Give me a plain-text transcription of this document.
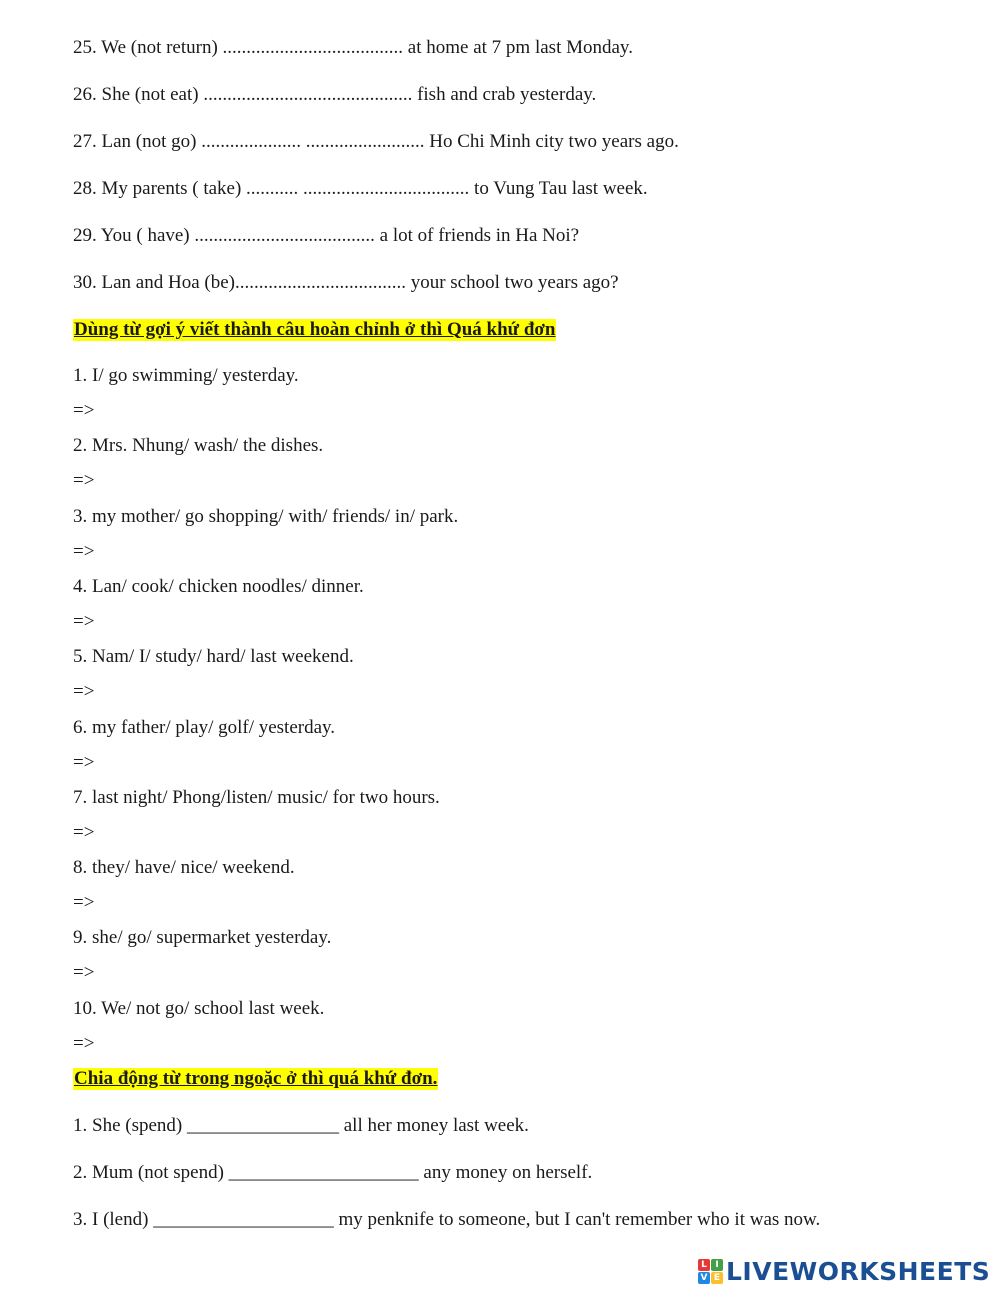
25. We (not return) ...................................... at home at 7 pm last Monday.
26. She (not eat) ............................................ fish and crab yesterday.
27. Lan (not go) ..................... ......................... Ho Chi Minh city two years ago.
28. My parents ( take) ........... ................................... to Vung Tau last week.
29. You ( have) ...................................... a lot of friends in Ha Noi?
30. Lan and Hoa (be).................................... your school two years ago?
Dùng từ gợi ý viết thành câu hoàn chỉnh ở thì Quá khứ đơn
1. I/ go swimming/ yesterday.
=>
2. Mrs. Nhung/ wash/ the dishes.
=>
3. my mother/ go shopping/ with/ friends/ in/ park.
=>
4. Lan/ cook/ chicken noodles/ dinner.
=>
5. Nam/ I/ study/ hard/ last weekend.
=>
6. my father/ play/ golf/ yesterday.
=>
7. last night/ Phong/listen/ music/ for two hours.
=>
8. they/ have/ nice/ weekend.
=>
9. she/ go/ supermarket yesterday.
=>
10. We/ not go/ school last week.
=>
Chia động từ trong ngoặc ở thì quá khứ đơn.
1. She (spend) ________________ all her money last week.
2. Mum (not spend) ____________________ any money on herself.
3. I (lend) ___________________ my penknife to someone, but I can't remember who it was now.
L I
V E LIVEWORKSHEETS
